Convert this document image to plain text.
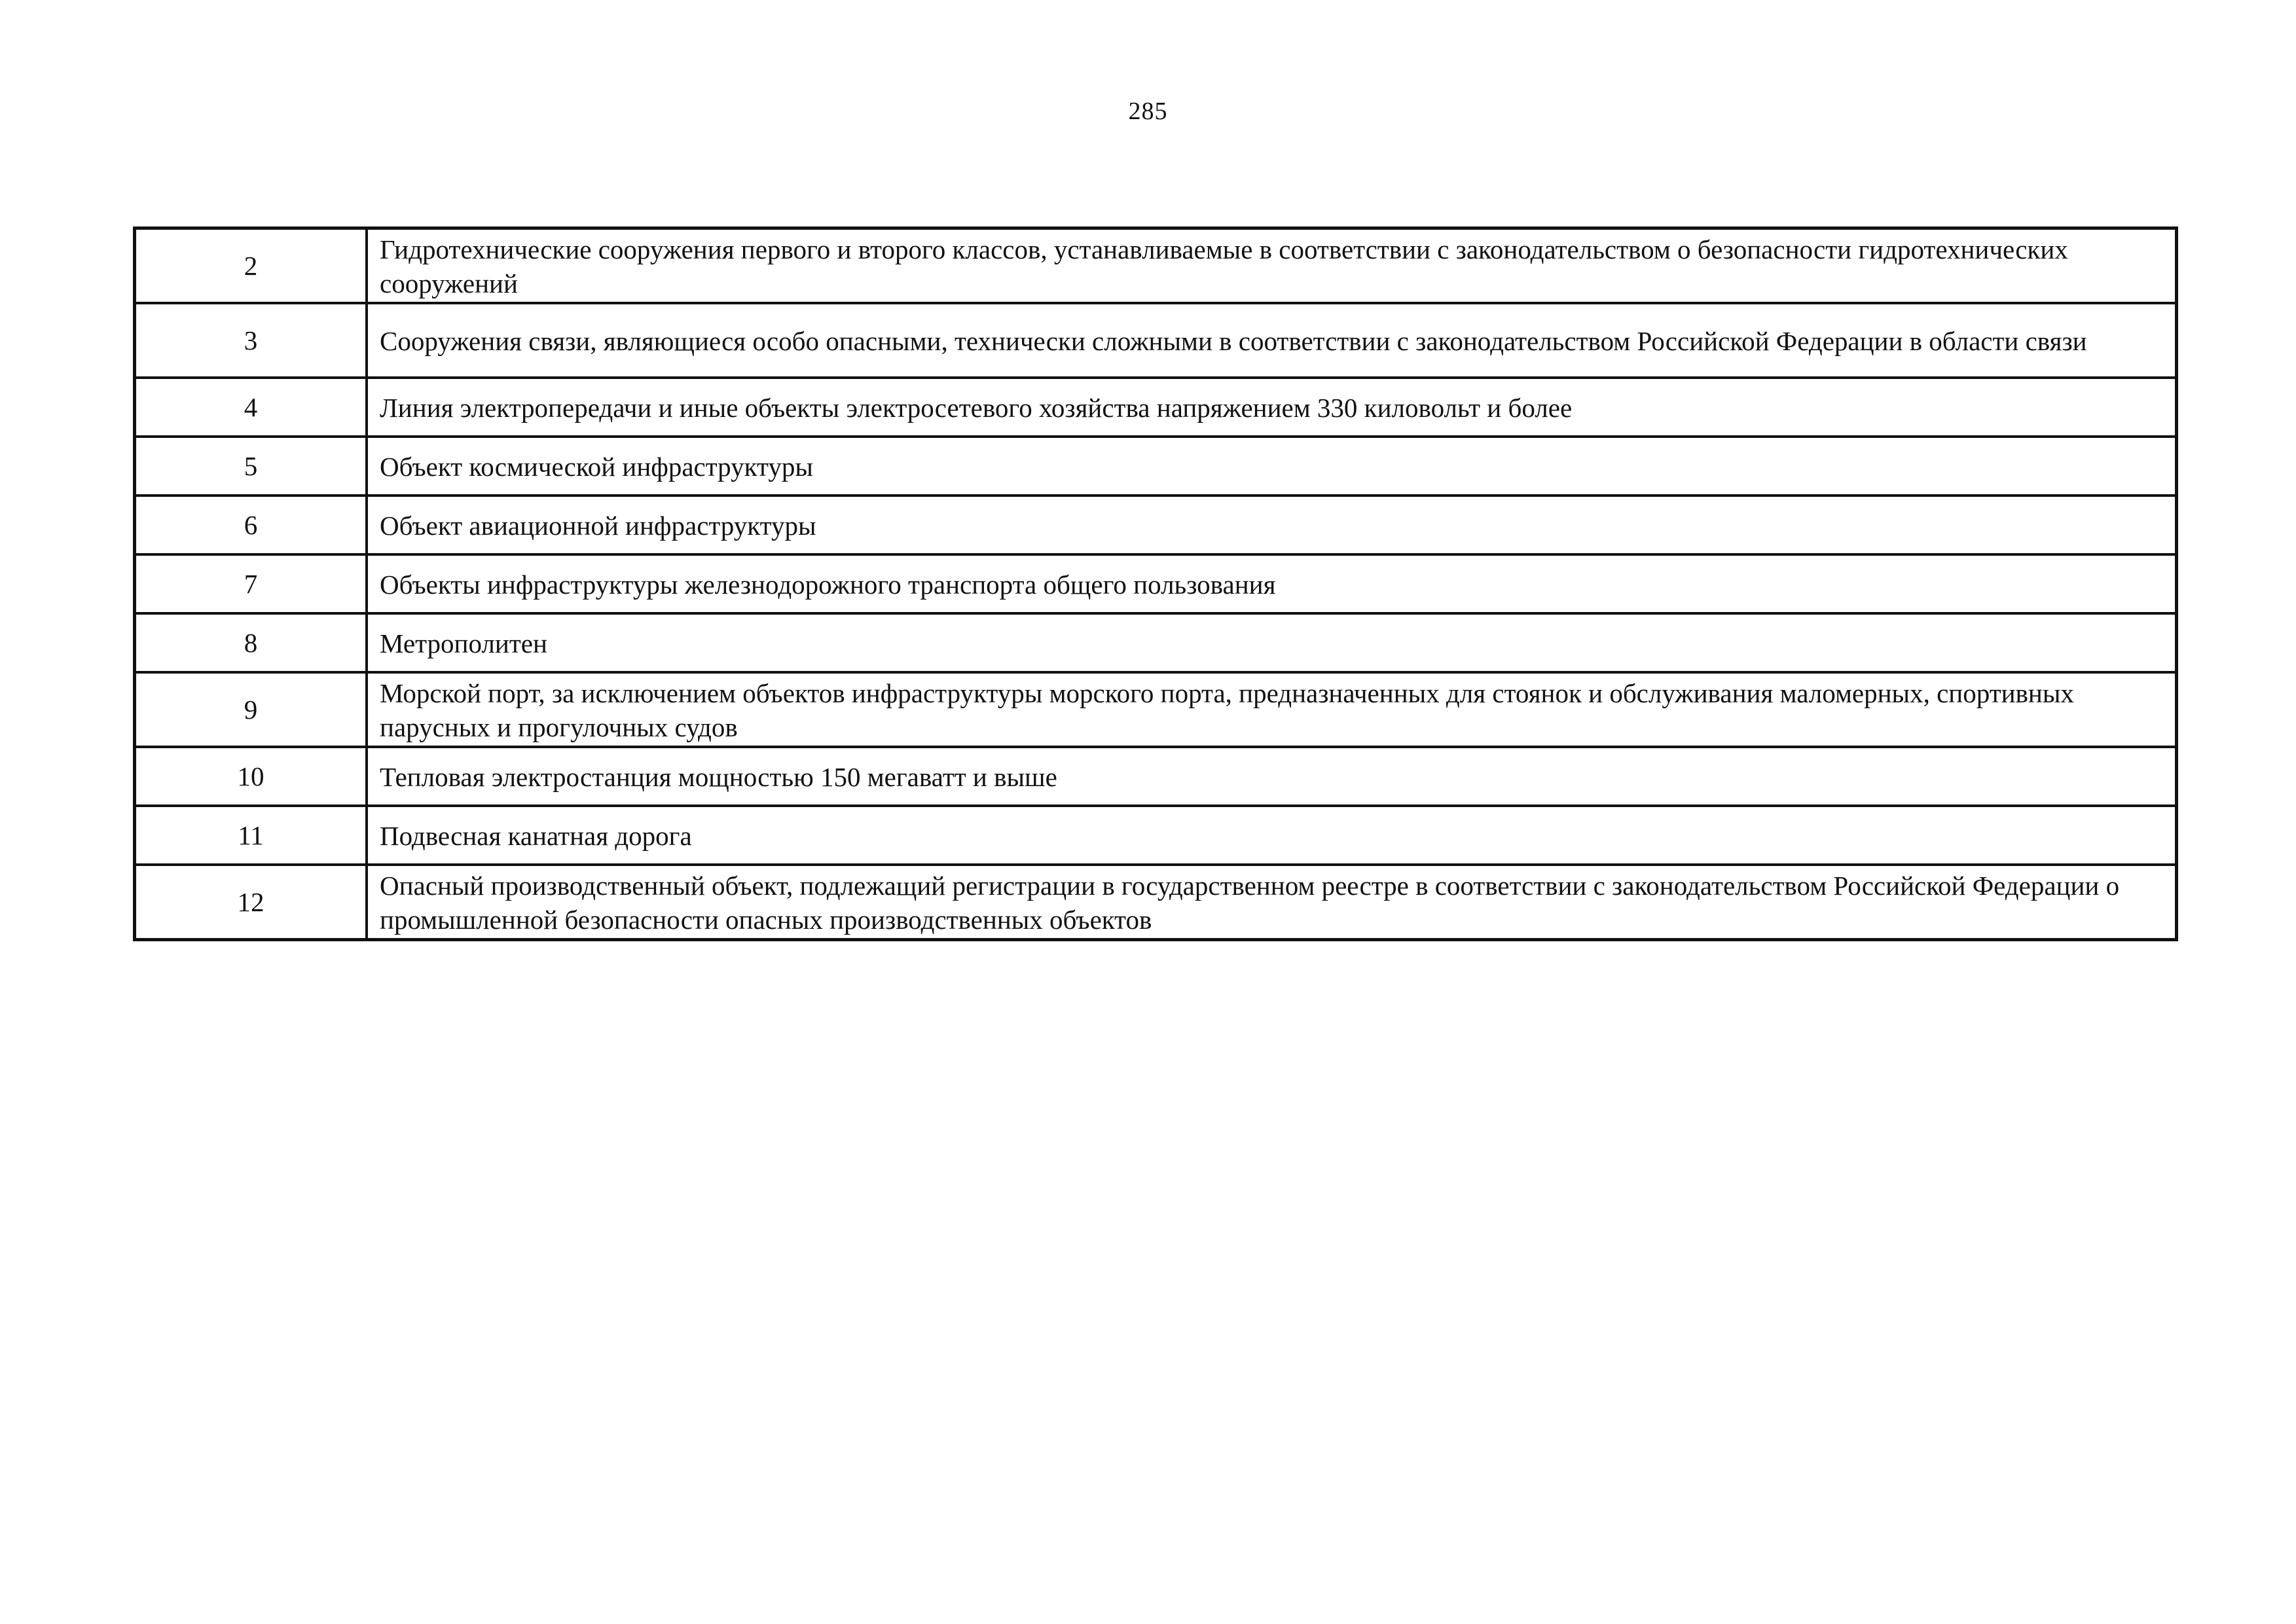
285
2	Гидротехнические сооружения первого и второго классов, устанавливаемые в соответствии с законодательством о безопасности гидротехнических сооружений
3	Сооружения связи, являющиеся особо опасными, технически сложными в соответствии с законодательством Российской Федерации в области связи
4	Линия электропередачи и иные объекты электросетевого хозяйства напряжением 330 киловольт и более
5	Объект космической инфраструктуры
6	Объект авиационной инфраструктуры
7	Объекты инфраструктуры железнодорожного транспорта общего пользования
8	Метрополитен
9	Морской порт, за исключением объектов инфраструктуры морского порта, предназначенных для стоянок и обслуживания маломерных, спортивных парусных и прогулочных судов
10	Тепловая электростанция мощностью 150 мегаватт и выше
11	Подвесная канатная дорога
12	Опасный производственный объект, подлежащий регистрации в государственном реестре в соответствии с законодательством Российской Федерации о промышленной безопасности опасных производственных объектов
